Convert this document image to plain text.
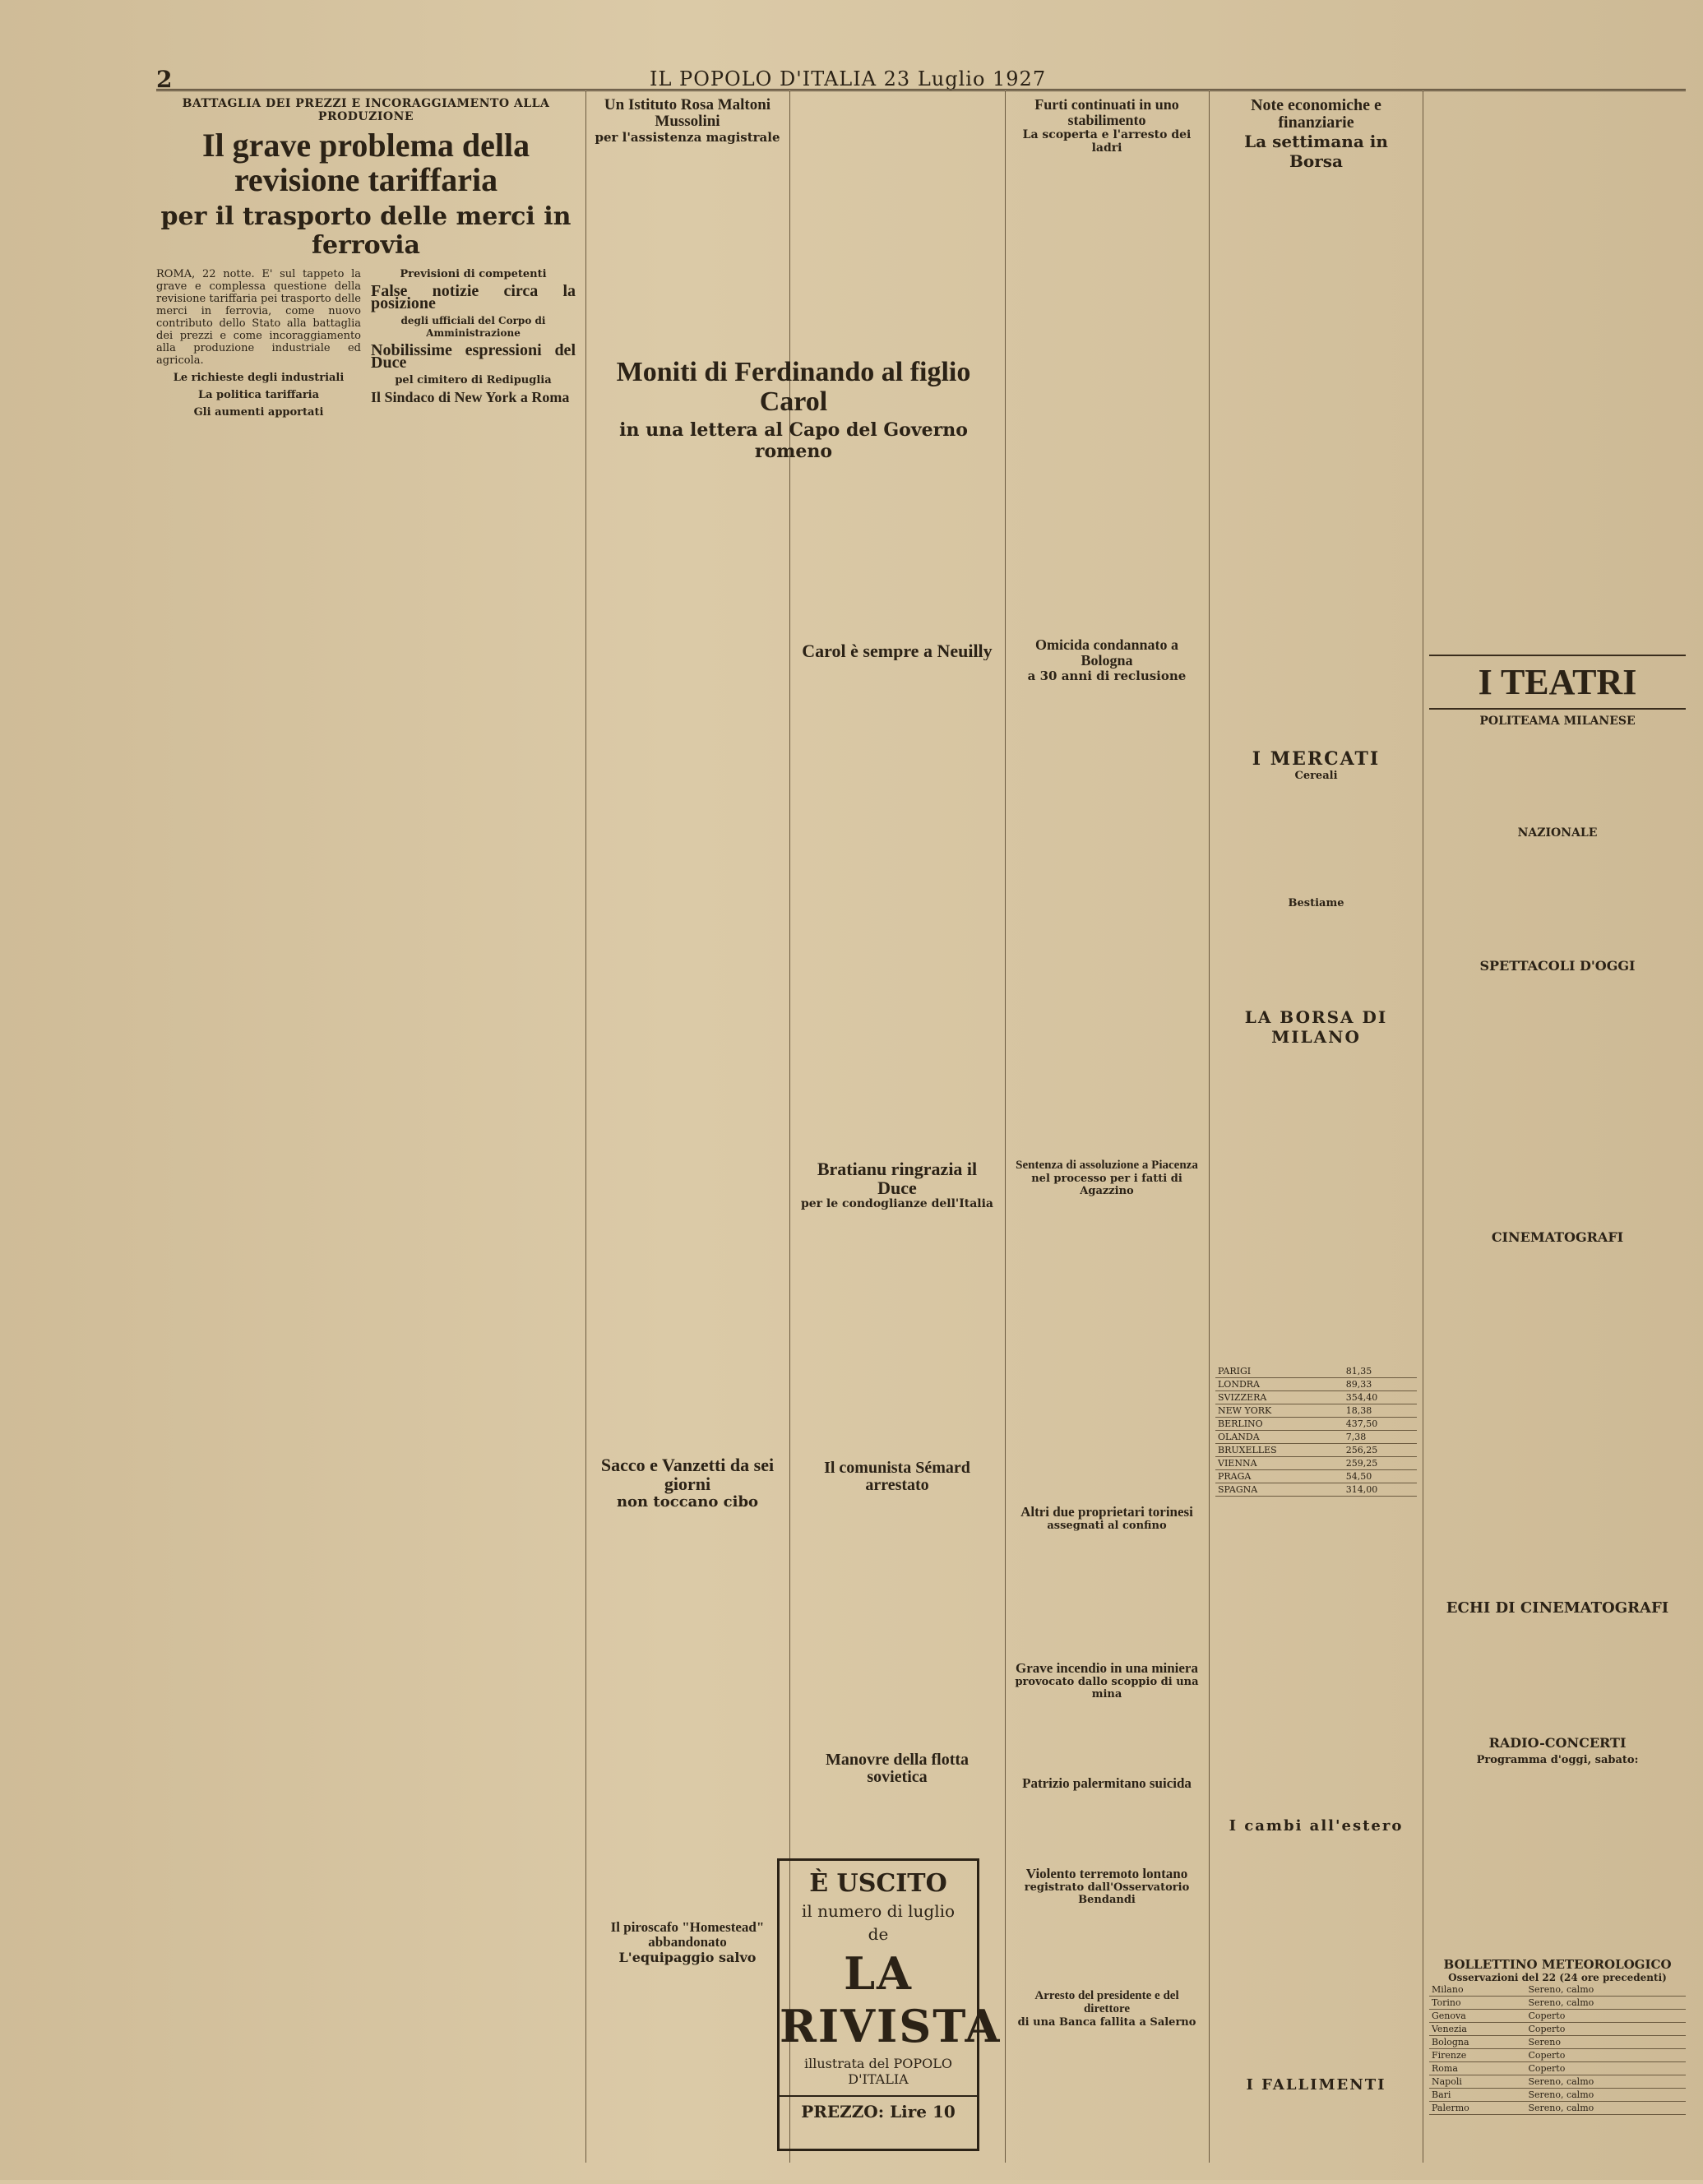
2	IL POPOLO D'ITALIA 23 Luglio 1927
BATTAGLIA DEI PREZZI E INCORAGGIAMENTO ALLA PRODUZIONE
Il grave problema della revisione tariffaria
per il trasporto delle merci in ferrovia

ROMA, 22 notte. E' sul tappeto la grave e complessa questione della revisione tariffaria pei trasporto delle merci in ferrovia, come nuovo contributo dello Stato alla battaglia dei prezzi e come incoraggiamento alla produzione industriale ed agricola.

Le richieste degli industriali

La politica tariffaria

Gli aumenti apportati

Previsioni di competenti

False notizie circa la posizione

degli ufficiali del Corpo di Amministrazione

Nobilissime espressioni del Duce

pel cimitero di Redipuglia

Il Sindaco di New York a Roma

Un Istituto Rosa Maltoni Mussolini
per l'assistenza magistrale
Moniti di Ferdinando al figlio Carol
in una lettera al Capo del Governo romeno
Sacco e Vanzetti da sei giorni
non toccano cibo
Il piroscafo "Homestead" abbandonato
L'equipaggio salvo
Carol è sempre a Neuilly
Bratianu ringrazia il Duce
per le condoglianze dell'Italia
Il comunista Sémard arrestato
Manovre della flotta sovietica
È USCITO
il numero di luglio
de
LA RIVISTA
illustrata del POPOLO D'ITALIA
PREZZO: Lire 10
Furti continuati in uno stabilimento
La scoperta e l'arresto dei ladri
Omicida condannato a Bologna
a 30 anni di reclusione
Sentenza di assoluzione a Piacenza
nel processo per i fatti di Agazzino
Altri due proprietari torinesi
assegnati al confino
Grave incendio in una miniera
provocato dallo scoppio di una mina
Patrizio palermitano suicida
Violento terremoto lontano
registrato dall'Osservatorio Bendandi
Arresto del presidente e del direttore
di una Banca fallita a Salerno
Note economiche e finanziarie
La settimana in Borsa
I MERCATI
Cereali
Bestiame
LA BORSA DI MILANO
PARIGI	81,35
LONDRA	89,33
SVIZZERA	354,40
NEW YORK	18,38
BERLINO	437,50
OLANDA	7,38
BRUXELLES	256,25
VIENNA	259,25
PRAGA	54,50
SPAGNA	314,00
I cambi all'estero
I FALLIMENTI
I TEATRI
POLITEAMA MILANESE
NAZIONALE
SPETTACOLI D'OGGI
CINEMATOGRAFI
ECHI DI CINEMATOGRAFI
RADIO-CONCERTI
Programma d'oggi, sabato:
BOLLETTINO METEOROLOGICO
Osservazioni del 22 (24 ore precedenti)
Milano	Sereno, calmo
Torino	Sereno, calmo
Genova	Coperto
Venezia	Coperto
Bologna	Sereno
Firenze	Coperto
Roma	Coperto
Napoli	Sereno, calmo
Bari	Sereno, calmo
Palermo	Sereno, calmo
